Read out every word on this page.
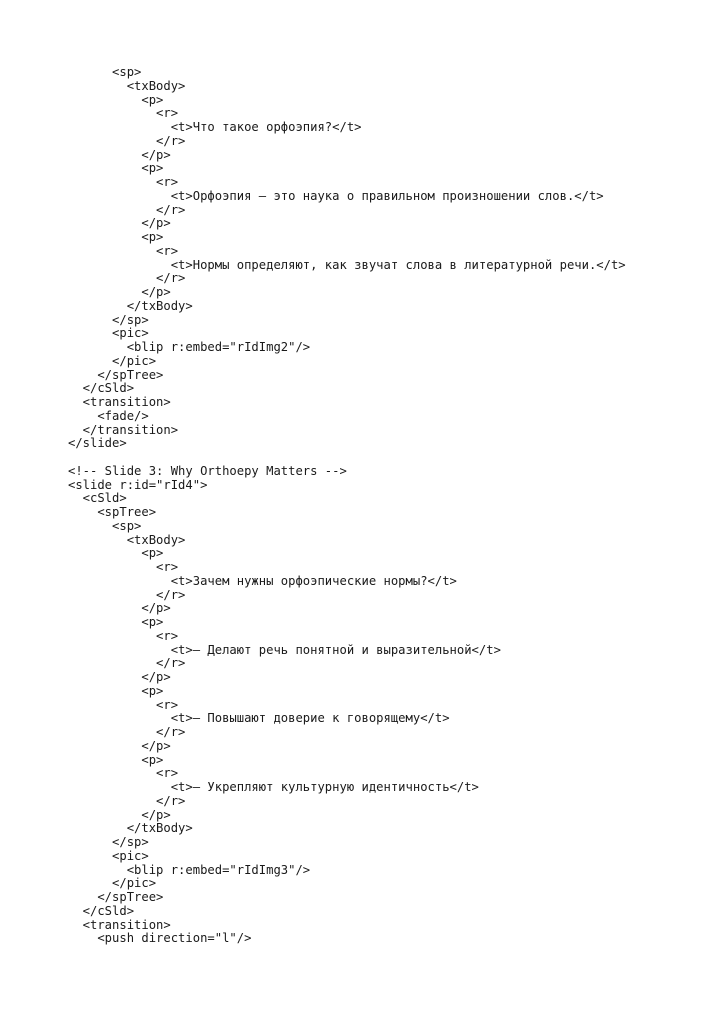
<sp>
<txBody>
<p>
<r>
<t>Что такое орфоэпия?</t>
</r>
</p>
<p>
<r>
<t>Орфоэпия – это наука о правильном произношении слов.</t>
</r>
</p>
<p>
<r>
<t>Нормы определяют, как звучат слова в литературной речи.</t>
</r>
</p>
</txBody>
</sp>
<pic>
<blip r:embed="rIdImg2"/>
</pic>
</spTree>
</cSld>
<transition>
<fade/>
</transition>
</slide>
<!-- Slide 3: Why Orthoepy Matters -->
<slide r:id="rId4">
<cSld>
<spTree>
<sp>
<txBody>
<p>
<r>
<t>Зачем нужны орфоэпические нормы?</t>
</r>
</p>
<p>
<r>
<t>– Делают речь понятной и выразительной</t>
</r>
</p>
<p>
<r>
<t>– Повышают доверие к говорящему</t>
</r>
</p>
<p>
<r>
<t>– Укрепляют культурную идентичность</t>
</r>
</p>
</txBody>
</sp>
<pic>
<blip r:embed="rIdImg3"/>
</pic>
</spTree>
</cSld>
<transition>
<push direction="l"/>
